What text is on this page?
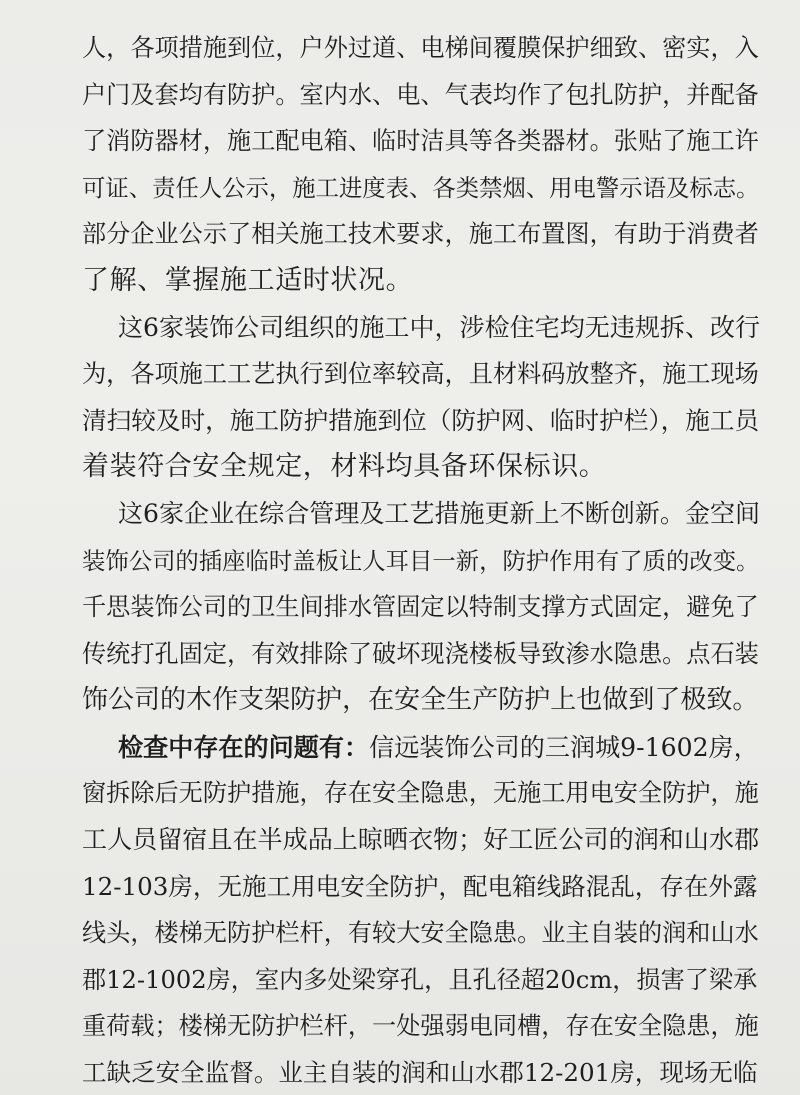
人，各项措施到位，户外过道、电梯间覆膜保护细致、密实，入
户门及套均有防护。室内水、电、气表均作了包扎防护，并配备
了消防器材，施工配电箱、临时洁具等各类器材。张贴了施工许
可证、责任人公示，施工进度表、各类禁烟、用电警示语及标志。
部分企业公示了相关施工技术要求，施工布置图，有助于消费者
了解、掌握施工适时状况。
这6家装饰公司组织的施工中，涉检住宅均无违规拆、改行
为，各项施工工艺执行到位率较高，且材料码放整齐，施工现场
清扫较及时，施工防护措施到位（防护网、临时护栏），施工员
着装符合安全规定，材料均具备环保标识。
这6家企业在综合管理及工艺措施更新上不断创新。金空间
装饰公司的插座临时盖板让人耳目一新，防护作用有了质的改变。
千思装饰公司的卫生间排水管固定以特制支撑方式固定，避免了
传统打孔固定，有效排除了破坏现浇楼板导致渗水隐患。点石装
饰公司的木作支架防护，在安全生产防护上也做到了极致。
检查中存在的问题有：信远装饰公司的三润城9-1602房，
窗拆除后无防护措施，存在安全隐患，无施工用电安全防护，施
工人员留宿且在半成品上晾晒衣物；好工匠公司的润和山水郡
12-103房，无施工用电安全防护，配电箱线路混乱，存在外露
线头，楼梯无防护栏杆，有较大安全隐患。业主自装的润和山水
郡12-1002房，室内多处梁穿孔，且孔径超20cm，损害了梁承
重荷载；楼梯无防护栏杆，一处强弱电同槽，存在安全隐患，施
工缺乏安全监督。业主自装的润和山水郡12-201房，现场无临
